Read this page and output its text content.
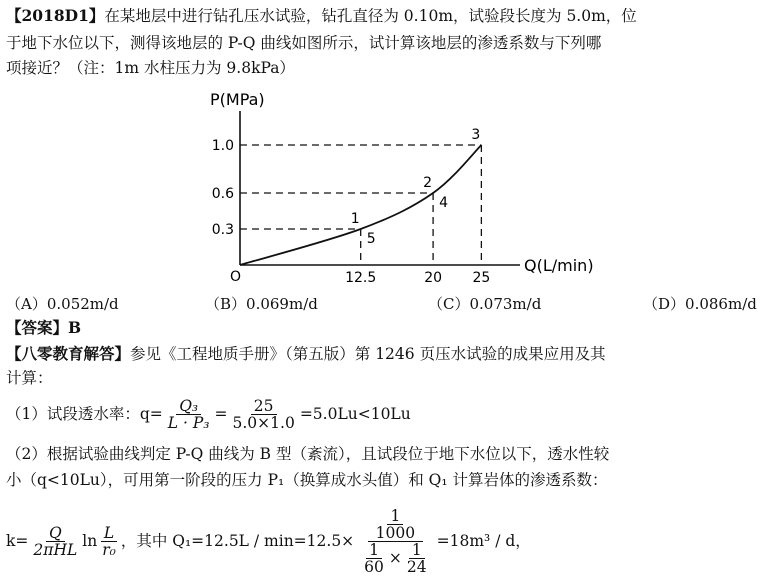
【2018D1】在某地层中进行钻孔压水试验，钻孔直径为 0.10m，试验段长度为 5.0m，位
于地下水位以下，测得该地层的 P-Q 曲线如图所示，试计算该地层的渗透系数与下列哪
项接近？（注：1m 水柱压力为 9.8kPa）
P(MPa)
Q(L/min)
O
0.3
0.6
1.0
12.5	20 25
1
5
2
4
3
（A）0.052m/d	（B）0.069m/d	（C）0.073m/d	（D）0.086m/d
【答案】B
【八零教育解答】参见《工程地质手册》（第五版）第 1246 页压水试验的成果应用及其
计算：
（1）试段透水率： $q= \frac{\text{Q₃}}{\text{L · P₃}} = \frac{25}{5.0\times 1.0} =5.0Lu<10Lu$
（2）根据试验曲线判定 P-Q 曲线为 B 型（紊流），且试段位于地下水位以下，透水性较
小（q<10Lu），可用第一阶段的压力 P₁（换算成水头值）和 Q₁ 计算岩体的渗透系数：
$k= \frac{Q}{\text{2πHL}}$ $\ln \frac{L}{\text{r₀}}$ ，其中 $Q_1=12.5L / \min=12.5\times \frac{\frac{1}{1000}}{\frac{1}{60} \times \frac{1}{24}} =18m^3 / d$，
